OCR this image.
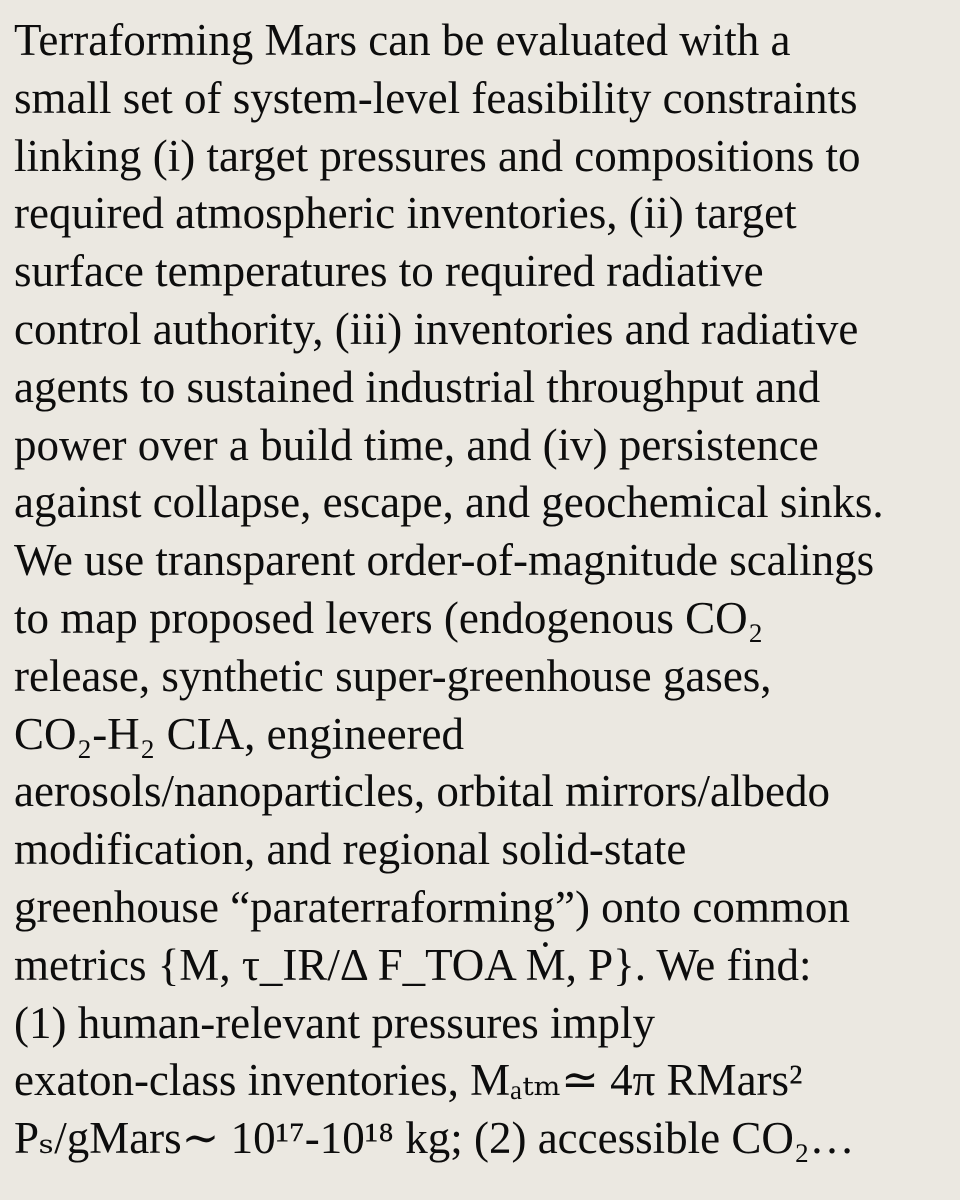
Terraforming Mars can be evaluated with a

small set of system-level feasibility constraints

linking (i) target pressures and compositions to

required atmospheric inventories, (ii) target

surface temperatures to required radiative

control authority, (iii) inventories and radiative

agents to sustained industrial throughput and

power over a build time, and (iv) persistence

against collapse, escape, and geochemical sinks.

We use transparent order-of-magnitude scalings

to map proposed levers (endogenous CO₂

release, synthetic super-greenhouse gases,

CO₂-H₂ CIA, engineered

aerosols/nanoparticles, orbital mirrors/albedo

modification, and regional solid-state

greenhouse “paraterraforming”) onto common

metrics {M, τ_IR/Δ F_TOA Ṁ, P}. We find:

(1) human-relevant pressures imply

exaton-class inventories, Mₐₜₘ≃ 4π RMars²

Pₛ/gMars∼ 10¹⁷-10¹⁸ kg; (2) accessible CO₂…
